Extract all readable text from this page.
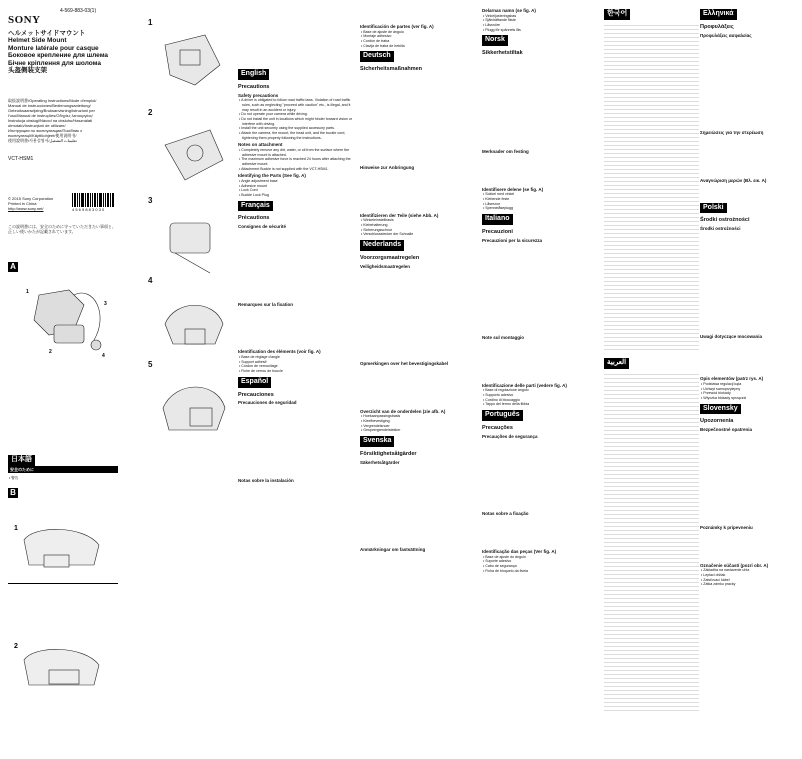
4-569-883-03(1)
SONY
ヘルメットサイドマウント
Helmet Side Mount
Monture latérale pour casque
Боковое крепление для шлема
Бічне кріплення для шолома
头盔侧装支架
取扱説明書/Operating Instructions/Mode d'emploi/
Manual de instrucciones/Bedienungsanleitung/
Gebruiksaanwijzing/Bruksanvisning/Istruzioni per
l'uso/Manual de instruções/Οδηγίες λειτουργίας/
Instrukcja obsługi/Návod na obsluhu/Használati
útmutató/Instrucţiuni de utilizare/
Инструкция по эксплуатации/Посібник з
експлуатації/Käyttöohjeet/使用说明书/
使用說明書/사용설명서/تعليمات التشغيل
VCT-HSM1
© 2015 Sony Corporation
Printed in China
http://www.sony.net/	4 5 6 9 8 8 3 0 3 0
この説明書には、安全のために守っていただきたい事項と、正しい使いかたが記載されています。
A
1
2
3
4
日本語
安全のために
• 警告
B
1
2
1
2
3
4
5
English
Precautions
Safety precautions
• A driver is obligated to follow road traffic laws. Violation of road traffic rules, such as neglecting "proceed with caution" etc., is illegal, and it may result in an accident or injury.
• Do not operate your camera while driving.
• Do not install the unit in locations which might hinder forward vision or interfere with driving.
• Install the unit securely using the supplied accessory parts.
• Attach the camera, the mount, the head unit, and the buckle cord, tightening them properly following the instructions.
Notes on attachment
• Completely remove any dirt, water, or oil from the surface where the adhesive mount is attached.
• The maximum adhesive force is reached 24 hours after attaching the adhesive mount.
• Attachment Buckle is not supplied with the VCT-HSM1.
Identifying the Parts (See fig. A)
• Angle adjustment base
• Adhesive mount
• Lock Cord
• Buckle Lock Plug
Français
Précautions
Consignes de sécurité
Remarques sur la fixation
Identification des éléments (voir fig. A)
• Base de réglage d'angle
• Support adhésif
• Cordon de verrouillage
• Fiche de verrou de boucle
Español
Precauciones
Precauciones de seguridad
Notas sobre la instalación
Identificación de partes (ver fig. A)
• Base de ajuste de ángulo
• Montaje adhesivo
• Cordón de traba
• Clavija de traba de hebilla
Deutsch
Sicherheitsmaßnahmen
Hinweise zur Anbringung
Identifizieren der Teile (siehe Abb. A)
• Winkeleinstellbasis
• Klebehalterung
• Sicherungsschnur
• Verschlussstecker der Schnalle
Nederlands
Voorzorgsmaatregelen
Veiligheidsmaatregelen
Opmerkingen over het bevestigingskabel
Overzicht van de onderdelen (zie afb. A)
• Hoekaanpassingsbasis
• Kleefbevestiging
• Vergrendelsnoer
• Gespvergrendelstekker
Svenska
Försiktighetsåtgärder
Säkerhetsåtgärder
Anmärkningar om fastsättning
Delarnas namn (se fig. A)
• Vinkeljusteringsbas
• Självhäftande fäste
• Låssnöre
• Plugg för spännets lås
Norsk
Sikkerhetstiltak
Merknader om festing
Identifisere delene (se fig. A)
• Sokkel med vinkel
• Klebende feste
• Låsesnor
• Spennelåseplugg
Italiano
Precauzioni
Precauzioni per la sicurezza
Note sul montaggio
Identificazione delle parti (vedere fig. A)
• Base di regolazione angolo
• Supporto adesivo
• Cordino di bloccaggio
• Tappo del fermo della fibbia
Português
Precauções
Precauções de segurança
Notas sobre a fixação
Identificação das peças (Ver fig. A)
• Base de ajuste do ângulo
• Suporte adesivo
• Cabo de segurança
• Ficha de bloqueio da fivela
한국어
العربية
Ελληνικά
Προφυλάξεις
Προφυλάξεις ασφαλείας
Σημειώσεις για την στερέωση
Αναγνώριση μερών (Βλ. εικ. A)
Polski
Środki ostrożności
Środki ostrożności
Uwagi dotyczące mocowania
Opis elementów (patrz rys. A)
• Podstawa regulacji kąta
• Uchwyt samoprzylepny
• Przewód blokady
• Wtyczka blokady sprzączki
Slovensky
Upozornenia
Bezpečnostné opatrenia
Poznámky k pripevneniu
Označenie súčastí (pozri obr. A)
• Základňa na nastavenie uhla
• Lepiaci držiak
• Zaisťovací kábel
• Zátka zámku pracky
